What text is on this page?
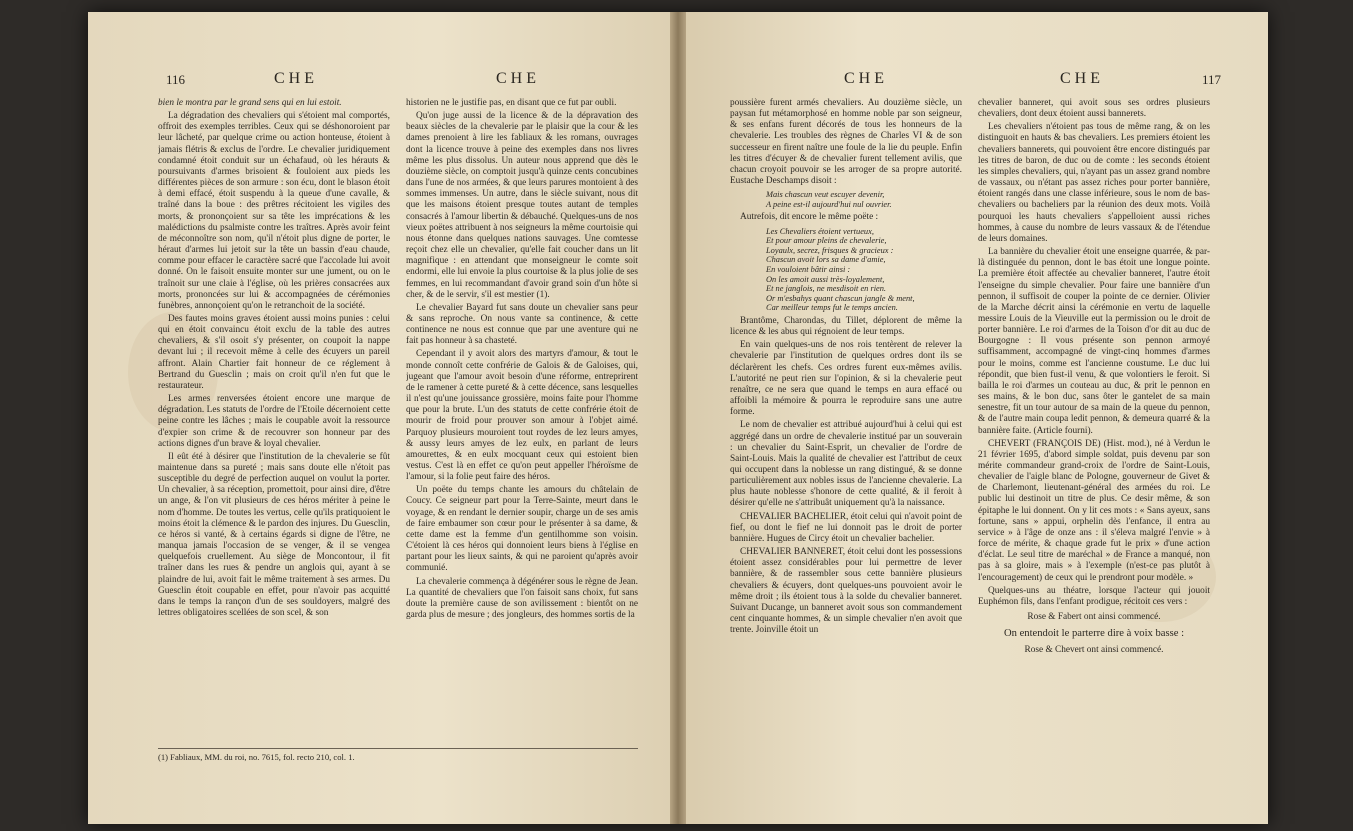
116	CHE	CHE

bien le montra par le grand sens qui en lui estoit.

La dégradation des chevaliers qui s'étoient mal comportés, offroit des exemples terribles. Ceux qui se déshonoroient par leur lâcheté, par quelque crime ou action honteuse, étoient à jamais flétris & exclus de l'ordre. Le chevalier juridiquement condamné étoit conduit sur un échafaud, où les hérauts & poursuivants d'armes brisoient & fouloient aux pieds les différentes pièces de son armure : son écu, dont le blason étoit à demi effacé, étoit suspendu à la queue d'une cavalle, & traîné dans la boue : des prêtres récitoient les vigiles des morts, & prononçoient sur sa tête les imprécations & les malédictions du psalmiste contre les traîtres. Après avoir feint de méconnoître son nom, qu'il n'étoit plus digne de porter, le héraut d'armes lui jetoit sur la tête un bassin d'eau chaude, comme pour effacer le caractère sacré que l'accolade lui avoit donné. On le faisoit ensuite monter sur une jument, ou on le traînoit sur une claie à l'église, où les prières consacrées aux morts, prononcées sur lui & accompagnées de cérémonies funèbres, annonçoient qu'on le retranchoit de la société.

Des fautes moins graves étoient aussi moins punies : celui qui en étoit convaincu étoit exclu de la table des autres chevaliers, & s'il osoit s'y présenter, on coupoit la nappe devant lui ; il recevoit même à celle des écuyers un pareil affront. Alain Chartier fait honneur de ce réglement à Bertrand du Guesclin ; mais on croit qu'il n'en fut que le restaurateur.

Les armes renversées étoient encore une marque de dégradation. Les statuts de l'ordre de l'Etoile décernoient cette peine contre les lâches ; mais le coupable avoit la ressource d'expier son crime & de recouvrer son honneur par des actions dignes d'un brave & loyal chevalier.

Il eût été à désirer que l'institution de la chevalerie se fût maintenue dans sa pureté ; mais sans doute elle n'étoit pas susceptible du degré de perfection auquel on voulut la porter. Un chevalier, à sa réception, promettoit, pour ainsi dire, d'être un ange, & l'on vit plusieurs de ces héros mériter à peine le nom d'homme. De toutes les vertus, celle qu'ils pratiquoient le moins étoit la clémence & le pardon des injures. Du Guesclin, ce héros si vanté, & à certains égards si digne de l'être, ne manqua jamais l'occasion de se venger, & il se vengea quelquefois cruellement. Au siège de Moncontour, il fit traîner dans les rues & pendre un anglois qui, ayant à se plaindre de lui, avoit fait le même traitement à ses armes. Du Guesclin étoit coupable en effet, pour n'avoir pas acquitté dans le temps la rançon d'un de ses souldoyers, malgré des lettres obligatoires scellées de son scel, & son

historien ne le justifie pas, en disant que ce fut par oubli.

Qu'on juge aussi de la licence & de la dépravation des beaux siècles de la chevalerie par le plaisir que la cour & les dames prenoient à lire les fabliaux & les romans, ouvrages dont la licence trouve à peine des exemples dans nos livres même les plus dissolus. Un auteur nous apprend que dès le douzième siècle, on comptoit jusqu'à quinze cents concubines dans l'une de nos armées, & que leurs parures montoient à des sommes immenses. Un autre, dans le siècle suivant, nous dit que les maisons étoient presque toutes autant de temples consacrés à l'amour libertin & débauché. Quelques-uns de nos vieux poëtes attribuent à nos seigneurs la même courtoisie qui nous étonne dans quelques nations sauvages. Une comtesse reçoit chez elle un chevalier, qu'elle fait coucher dans un lit magnifique : en attendant que monseigneur le comte soit endormi, elle lui envoie la plus courtoise & la plus jolie de ses femmes, en lui recommandant d'avoir grand soin d'un hôte si cher, & de le servir, s'il est mestier (1).

Le chevalier Bayard fut sans doute un chevalier sans peur & sans reproche. On nous vante sa continence, & cette continence ne nous est connue que par une aventure qui ne fait pas honneur à sa chasteté.

Cependant il y avoit alors des martyrs d'amour, & tout le monde connoît cette confrérie de Galois & de Galoises, qui, jugeant que l'amour avoit besoin d'une réforme, entreprirent de le ramener à cette pureté & à cette décence, sans lesquelles il n'est qu'une jouissance grossière, moins faite pour l'homme que pour la brute. L'un des statuts de cette confrérie étoit de mourir de froid pour prouver son amour à l'objet aimé. Parquoy plusieurs mouroient tout roydes de lez leurs amyes, & aussy leurs amyes de lez eulx, en parlant de leurs amourettes, & en eulx mocquant ceux qui estoient bien vestus. C'est là en effet ce qu'on peut appeller l'héroïsme de l'amour, si la folie peut faire des héros.

Un poëte du temps chante les amours du châtelain de Coucy. Ce seigneur part pour la Terre-Sainte, meurt dans le voyage, & en rendant le dernier soupir, charge un de ses amis de faire embaumer son cœur pour le présenter à sa dame, & cette dame est la femme d'un gentilhomme son voisin. C'étoient là ces héros qui donnoient leurs biens à l'église en partant pour les lieux saints, & qui ne paroient qu'après avoir communié.

La chevalerie commença à dégénérer sous le règne de Jean. La quantité de chevaliers que l'on faisoit sans choix, fut sans doute la première cause de son avilissement : bientôt on ne garda plus de mesure ; des jongleurs, des hommes sortis de la

(1) Fabliaux, MM. du roi, no. 7615, fol. recto 210, col. 1.
CHE	CHE	117

poussière furent armés chevaliers. Au douzième siècle, un paysan fut métamorphosé en homme noble par son seigneur, & ses enfans furent décorés de tous les honneurs de la chevalerie. Les troubles des règnes de Charles VI & de son successeur en firent naître une foule de la lie du peuple. Enfin les titres d'écuyer & de chevalier furent tellement avilis, que chacun croyoit pouvoir se les arroger de sa propre autorité. Eustache Deschamps disoit :

Mais chascun veut escuyer devenir,
A peine est-il aujourd'hui nul ouvrier.

Autrefois, dit encore le même poëte :

Les Chevaliers étoient vertueux,
Et pour amour pleins de chevalerie,
Loyaulx, secrez, frisques & gracieux :
Chascun avoit lors sa dame d'amie,
En vouloient bâtir ainsi :
On les amoit aussi très-loyalement,
Et ne janglois, ne mesdisoit en rien.
Or m'esbahys quant chascun jangle & ment,
Car meilleur temps fut le temps ancien.

Brantôme, Charondas, du Tillet, déplorent de même la licence & les abus qui régnoient de leur temps.

En vain quelques-uns de nos rois tentèrent de relever la chevalerie par l'institution de quelques ordres dont ils se déclarèrent les chefs. Ces ordres furent eux-mêmes avilis. L'autorité ne peut rien sur l'opinion, & si la chevalerie peut renaître, ce ne sera que quand le temps en aura effacé ou affoibli la mémoire & pourra le reproduire sans une autre forme.

Le nom de chevalier est attribué aujourd'hui à celui qui est aggrégé dans un ordre de chevalerie institué par un souverain : un chevalier du Saint-Esprit, un chevalier de l'ordre de Saint-Louis. Mais la qualité de chevalier est l'attribut de ceux qui occupent dans la noblesse un rang distingué, & se donne particulièrement aux nobles issus de l'ancienne chevalerie. La plus haute noblesse s'honore de cette qualité, & il feroit à désirer qu'elle ne s'attribuât uniquement qu'à la naissance.

CHEVALIER BACHELIER, étoit celui qui n'avoit point de fief, ou dont le fief ne lui donnoit pas le droit de porter bannière. Hugues de Circy étoit un chevalier bachelier.

CHEVALIER BANNERET, étoit celui dont les possessions étoient assez considérables pour lui permettre de lever bannière, & de rassembler sous cette bannière plusieurs chevaliers & écuyers, dont quelques-uns pouvoient avoir le même droit ; ils étoient tous à la solde du chevalier banneret. Suivant Ducange, un banneret avoit sous son commandement cent cinquante hommes, & un simple chevalier n'en avoit que trente. Joinville étoit un

chevalier banneret, qui avoit sous ses ordres plusieurs chevaliers, dont deux étoient aussi bannerets.

Les chevaliers n'étoient pas tous de même rang, & on les distinguoit en hauts & bas chevaliers. Les premiers étoient les chevaliers bannerets, qui pouvoient être encore distingués par les titres de baron, de duc ou de comte : les seconds étoient les simples chevaliers, qui, n'ayant pas un assez grand nombre de vassaux, ou n'étant pas assez riches pour porter bannière, étoient rangés dans une classe inférieure, sous le nom de bas-chevaliers ou bacheliers par la réunion des deux mots. Voilà pourquoi les hauts chevaliers s'appelloient aussi riches hommes, à cause du nombre de leurs vassaux & de l'étendue de leurs domaines.

La bannière du chevalier étoit une enseigne quarrée, & par-là distinguée du pennon, dont le bas étoit une longue pointe. La première étoit affectée au chevalier banneret, l'autre étoit l'enseigne du simple chevalier. Pour faire une bannière d'un pennon, il suffisoit de couper la pointe de ce dernier. Olivier de la Marche décrit ainsi la cérémonie en vertu de laquelle messire Louis de la Vieuville eut la permission ou le droit de porter bannière. Le roi d'armes de la Toison d'or dit au duc de Bourgogne : Il vous présente son pennon armoyé suffisamment, accompagné de vingt-cinq hommes d'armes pour le moins, comme est l'ancienne coustume. Le duc lui répondit, que bien fust-il venu, & que volontiers le feroit. Si bailla le roi d'armes un couteau au duc, & prit le pennon en ses mains, & le bon duc, sans ôter le gantelet de sa main senestre, fit un tour autour de sa main de la queue du pennon, & de l'autre main coupa ledit pennon, & demeura quarré & la bannière faite. (Article fourni).

CHEVERT (FRANÇOIS DE) (Hist. mod.), né à Verdun le 21 février 1695, d'abord simple soldat, puis devenu par son mérite commandeur grand-croix de l'ordre de Saint-Louis, chevalier de l'aigle blanc de Pologne, gouverneur de Givet & de Charlemont, lieutenant-général des armées du roi. Le public lui destinoit un titre de plus. Ce desir même, & son épitaphe le lui donnent. On y lit ces mots : « Sans ayeux, sans fortune, sans » appui, orphelin dès l'enfance, il entra au service » à l'âge de onze ans : il s'éleva malgré l'envie » à force de mérite, & chaque grade fut le prix » d'une action d'éclat. Le seul titre de maréchal » de France a manqué, non pas à sa gloire, mais » à l'exemple (n'est-ce pas plutôt à l'encouragement) de ceux qui le prendront pour modèle. »

Quelques-uns au théatre, lorsque l'acteur qui jouoit Euphémon fils, dans l'enfant prodigue, récitoit ces vers :

Rose & Fabert ont ainsi commencé.

On entendoit le parterre dire à voix basse :

Rose & Chevert ont ainsi commencé.
